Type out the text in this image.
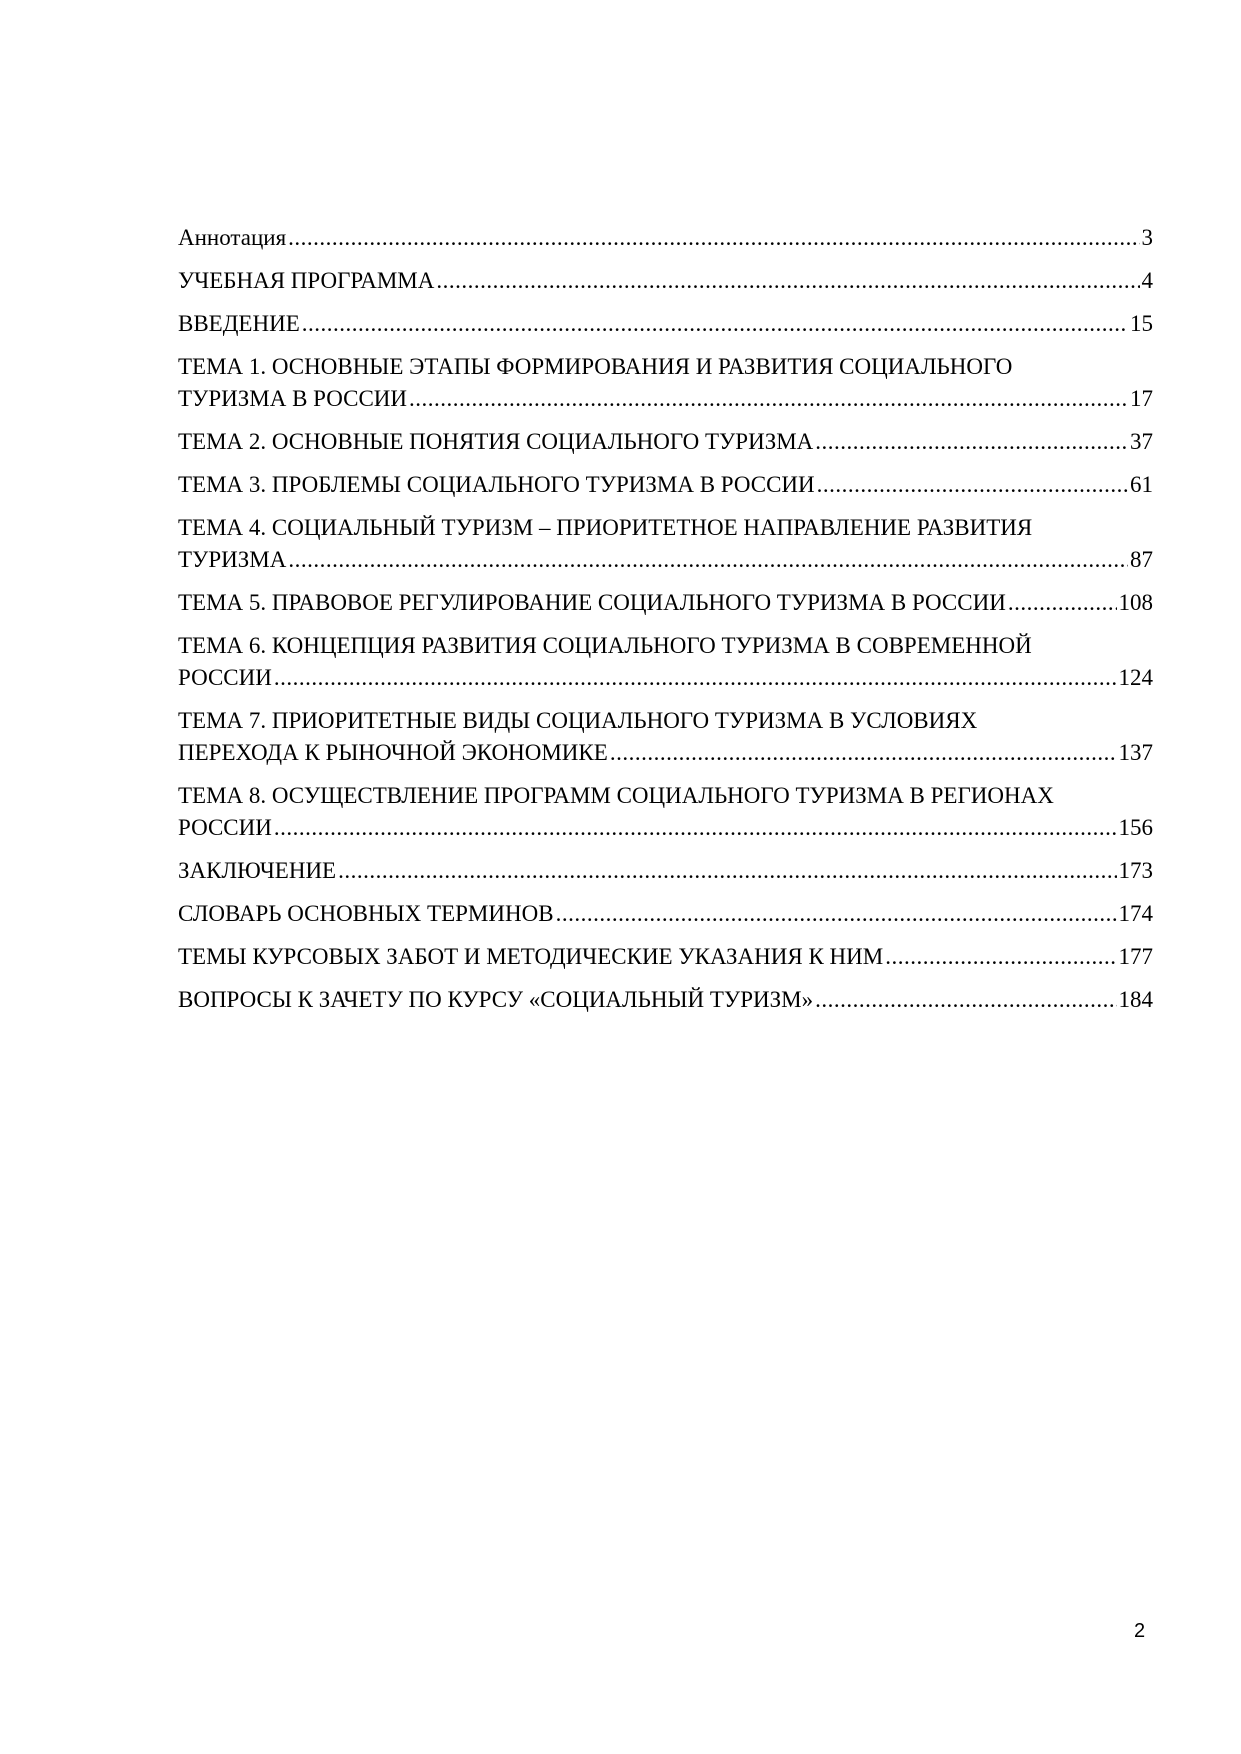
Аннотация .....	3
УЧЕБНАЯ ПРОГРАММА .....	4
ВВЕДЕНИЕ .....	15
ТЕМА 1. ОСНОВНЫЕ ЭТАПЫ ФОРМИРОВАНИЯ И РАЗВИТИЯ СОЦИАЛЬНОГО
ТУРИЗМА В РОССИИ .....	17
ТЕМА 2. ОСНОВНЫЕ ПОНЯТИЯ СОЦИАЛЬНОГО ТУРИЗМА .....	37
ТЕМА 3. ПРОБЛЕМЫ СОЦИАЛЬНОГО ТУРИЗМА В РОССИИ .....	61
ТЕМА 4. СОЦИАЛЬНЫЙ ТУРИЗМ – ПРИОРИТЕТНОЕ НАПРАВЛЕНИЕ РАЗВИТИЯ
ТУРИЗМА .....	87
ТЕМА 5. ПРАВОВОЕ РЕГУЛИРОВАНИЕ СОЦИАЛЬНОГО ТУРИЗМА В РОССИИ .....	108
ТЕМА 6. КОНЦЕПЦИЯ РАЗВИТИЯ СОЦИАЛЬНОГО ТУРИЗМА В СОВРЕМЕННОЙ
РОССИИ .....	124
ТЕМА 7. ПРИОРИТЕТНЫЕ ВИДЫ СОЦИАЛЬНОГО ТУРИЗМА В УСЛОВИЯХ
ПЕРЕХОДА К РЫНОЧНОЙ ЭКОНОМИКЕ .....	137
ТЕМА 8. ОСУЩЕСТВЛЕНИЕ ПРОГРАММ СОЦИАЛЬНОГО ТУРИЗМА В РЕГИОНАХ
РОССИИ .....	156
ЗАКЛЮЧЕНИЕ .....	173
СЛОВАРЬ ОСНОВНЫХ ТЕРМИНОВ .....	174
ТЕМЫ КУРСОВЫХ ЗАБОТ И МЕТОДИЧЕСКИЕ УКАЗАНИЯ К НИМ .....	177
ВОПРОСЫ К ЗАЧЕТУ ПО КУРСУ «СОЦИАЛЬНЫЙ ТУРИЗМ» .....	184
2
